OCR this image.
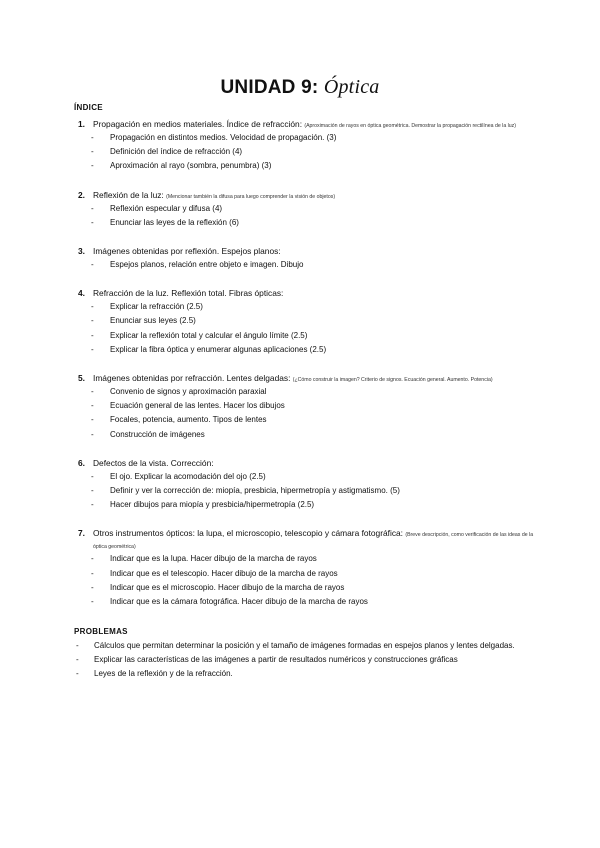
UNIDAD 9: Óptica
ÍNDICE
1. Propagación en medios materiales. Índice de refracción: (Aproximación de rayos en óptica geométrica. Demostrar la propagación rectilínea de la luz)
- Propagación en distintos medios. Velocidad de propagación. (3)
- Definición del índice de refracción (4)
- Aproximación al rayo (sombra, penumbra) (3)
2. Reflexión de la luz: (Mencionar también la difusa para luego comprender la visión de objetos)
- Reflexión especular y difusa (4)
- Enunciar las leyes de la reflexión (6)
3. Imágenes obtenidas por reflexión. Espejos planos:
- Espejos planos, relación entre objeto e imagen. Dibujo
4. Refracción de la luz. Reflexión total. Fibras ópticas:
- Explicar la refracción (2.5)
- Enunciar sus leyes (2.5)
- Explicar la reflexión total y calcular el ángulo límite (2.5)
- Explicar la fibra óptica y enumerar algunas aplicaciones (2.5)
5. Imágenes obtenidas por refracción. Lentes delgadas: (¿Cómo construir la imagen? Criterio de signos. Ecuación general. Aumento. Potencia)
- Convenio de signos y aproximación paraxial
- Ecuación general de las lentes. Hacer los dibujos
- Focales, potencia, aumento. Tipos de lentes
- Construcción de imágenes
6. Defectos de la vista. Corrección:
- El ojo. Explicar la acomodación del ojo (2.5)
- Definir y ver la corrección de: miopía, presbicia, hipermetropía y astigmatismo. (5)
- Hacer dibujos para miopía y presbicia/hipermetropía (2.5)
7. Otros instrumentos ópticos: la lupa, el microscopio, telescopio y cámara fotográfica: (Breve descripción, como verificación de las ideas de la óptica geométrica)
- Indicar que es la lupa. Hacer dibujo de la marcha de rayos
- Indicar que es el telescopio. Hacer dibujo de la marcha de rayos
- Indicar que es el microscopio. Hacer dibujo de la marcha de rayos
- Indicar que es la cámara fotográfica. Hacer dibujo de la marcha de rayos
PROBLEMAS
- Cálculos que permitan determinar la posición y el tamaño de imágenes formadas en espejos planos y lentes delgadas.
- Explicar las características de las imágenes a partir de resultados numéricos y construcciones gráficas
- Leyes de la reflexión y de la refracción.
